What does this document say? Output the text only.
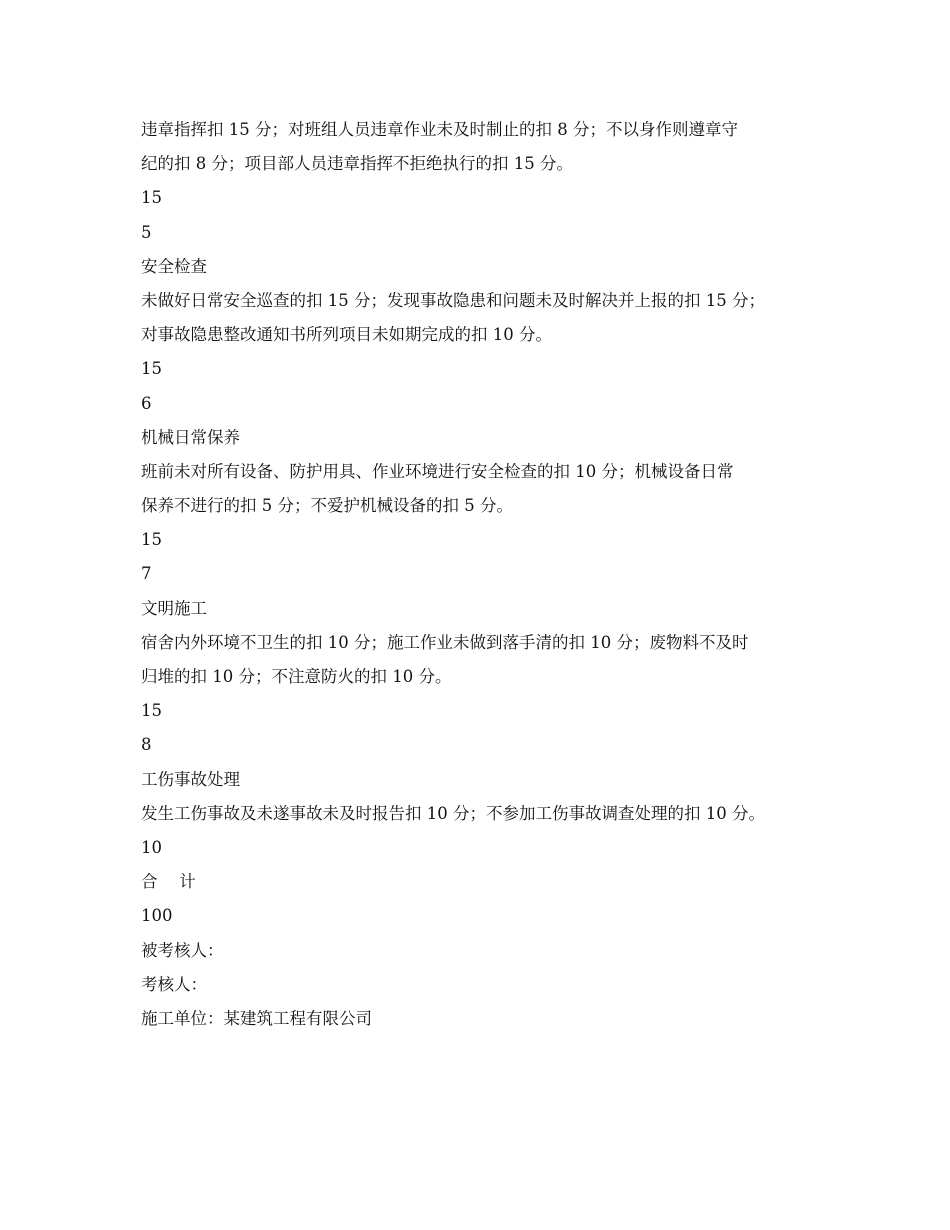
违章指挥扣 15 分；对班组人员违章作业未及时制止的扣 8 分；不以身作则遵章守

纪的扣 8 分；项目部人员违章指挥不拒绝执行的扣 15 分。

15

5

安全检查

未做好日常安全巡查的扣 15 分；发现事故隐患和问题未及时解决并上报的扣 15 分；

对事故隐患整改通知书所列项目未如期完成的扣 10 分。

15

6

机械日常保养

班前未对所有设备、防护用具、作业环境进行安全检查的扣 10 分；机械设备日常

保养不进行的扣 5 分；不爱护机械设备的扣 5 分。

15

7

文明施工

宿舍内外环境不卫生的扣 10 分；施工作业未做到落手清的扣 10 分；废物料不及时

归堆的扣 10 分；不注意防火的扣 10 分。

15

8

工伤事故处理

发生工伤事故及未遂事故未及时报告扣 10 分；不参加工伤事故调查处理的扣 10 分。

10

合　 计

100

被考核人：

考核人：

施工单位：某建筑工程有限公司
